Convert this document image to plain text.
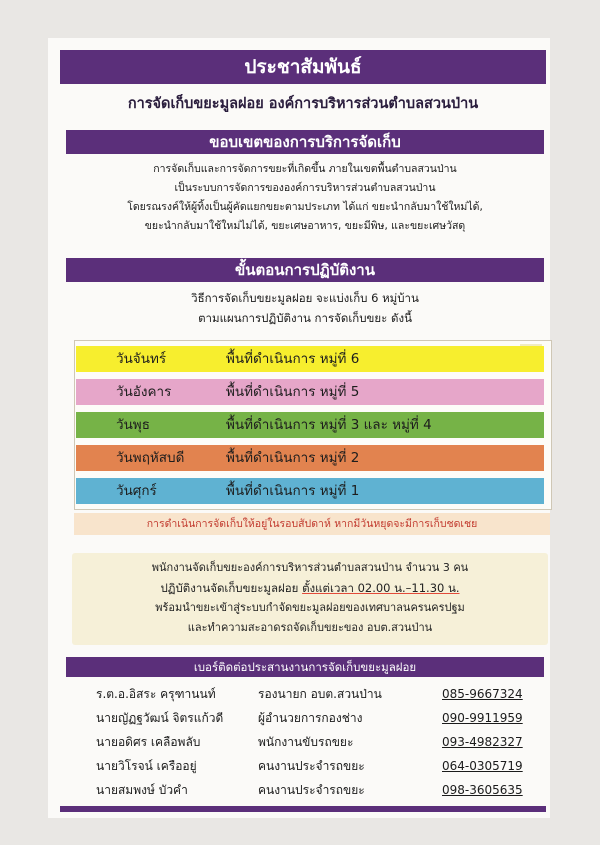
ประชาสัมพันธ์
การจัดเก็บขยะมูลฝอย องค์การบริหารส่วนตำบลสวนป่าน
ขอบเขตของการบริการจัดเก็บ
การจัดเก็บและการจัดการขยะที่เกิดขึ้น ภายในเขตพื้นตำบลสวนป่าน
เป็นระบบการจัดการขององค์การบริหารส่วนตำบลสวนป่าน
โดยรณรงค์ให้ผู้ทิ้งเป็นผู้คัดแยกขยะตามประเภท ได้แก่ ขยะนำกลับมาใช้ใหม่ได้,
ขยะนำกลับมาใช้ใหม่ไม่ได้, ขยะเศษอาหาร, ขยะมีพิษ, และขยะเศษวัสดุ
ขั้นตอนการปฏิบัติงาน
วิธีการจัดเก็บขยะมูลฝอย จะแบ่งเก็บ 6 หมู่บ้าน
ตามแผนการปฏิบัติงาน การจัดเก็บขยะ ดังนี้
วันจันทร์	พื้นที่ดำเนินการ หมู่ที่ 6
วันอังคาร	พื้นที่ดำเนินการ หมู่ที่ 5
วันพุธ	พื้นที่ดำเนินการ หมู่ที่ 3 และ หมู่ที่ 4
วันพฤหัสบดี	พื้นที่ดำเนินการ หมู่ที่ 2
วันศุกร์	พื้นที่ดำเนินการ หมู่ที่ 1
การดำเนินการจัดเก็บให้อยู่ในรอบสัปดาห์ หากมีวันหยุดจะมีการเก็บชดเชย
พนักงานจัดเก็บขยะองค์การบริหารส่วนตำบลสวนป่าน จำนวน 3 คน
ปฏิบัติงานจัดเก็บขยะมูลฝอย ตั้งแต่เวลา 02.00 น.–11.30 น.
พร้อมนำขยะเข้าสู่ระบบกำจัดขยะมูลฝอยของเทศบาลนครนครปฐม
และทำความสะอาดรถจัดเก็บขยะของ อบต.สวนป่าน
เบอร์ติดต่อประสานงานการจัดเก็บขยะมูลฝอย
ร.ต.อ.อิสระ ครุฑานนท์	รองนายก อบต.สวนป่าน	085-9667324
นายญัฏฐวัฒน์ จิตรแก้วดี	ผู้อำนวยการกองช่าง	090-9911959
นายอดิศร เคลือพลับ	พนักงานขับรถขยะ	093-4982327
นายวิโรจน์ เครืออยู่	คนงานประจำรถขยะ	064-0305719
นายสมพงษ์ บัวคำ	คนงานประจำรถขยะ	098-3605635
